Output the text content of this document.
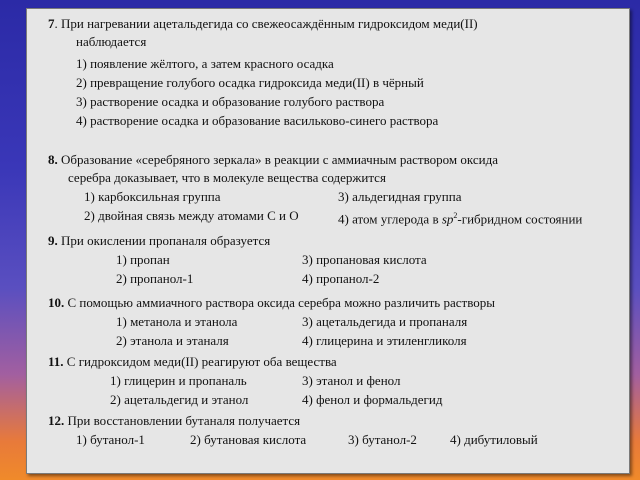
7. При нагревании ацетальдегида со свежеосаждённым гидроксидом меди(II)
наблюдается
1) появление жёлтого, а затем красного осадка
2) превращение голубого осадка гидроксида меди(II) в чёрный
3) растворение осадка и образование голубого раствора
4) растворение осадка и образование васильково-синего раствора
8. Образование «серебряного зеркала» в реакции с аммиачным раствором оксида
серебра доказывает, что в молекуле вещества содержится
1) карбоксильная группа
2) двойная связь между атомами С и О
3) альдегидная группа
4) атом углерода в $sp^2$-гибридном состоянии
9. При окислении пропаналя образуется
1) пропан
2) пропанол-1
3) пропановая кислота
4) пропанол-2
10. С помощью аммиачного раствора оксида серебра можно различить растворы
1) метанола и этанола
2) этанола и этаналя
3) ацетальдегида и пропаналя
4) глицерина и этиленгликоля
11. С гидроксидом меди(II) реагируют оба вещества
1) глицерин и пропаналь
2) ацетальдегид и этанол
3) этанол и фенол
4) фенол и формальдегид
12. При восстановлении бутаналя получается
1) бутанол-1	2) бутановая кислота	3) бутанол-2	4) дибутиловый
